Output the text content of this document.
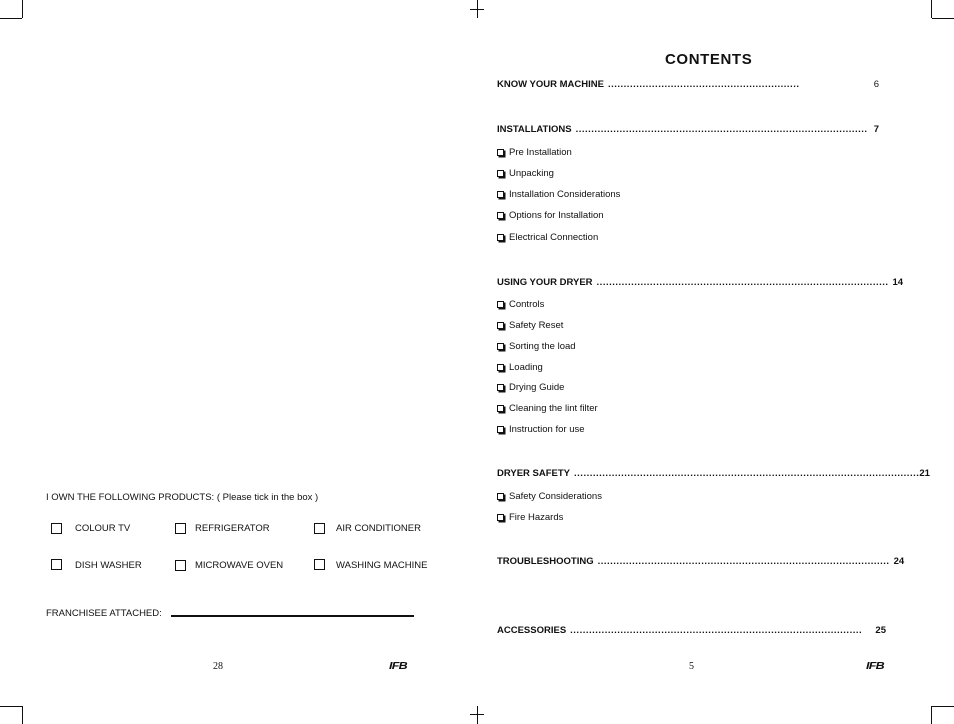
I OWN THE FOLLOWING PRODUCTS: ( Please tick in the box )
COLOUR TV	REFRIGERATOR	AIR CONDITIONER
DISH WASHER	MICROWAVE OVEN	WASHING MACHINE
FRANCHISEE ATTACHED:
28	IFB
CONTENTS
KNOW YOUR MACHINE .............................................................	6
INSTALLATIONS ............................................................................................. 7
Pre Installation
Unpacking
Installation Considerations
Options for Installation
Electrical Connection
USING YOUR DRYER ............................................................................................. 14
Controls
Safety Reset
Sorting the load
Loading
Drying Guide
Cleaning the lint filter
Instruction for use
DRYER SAFETY .............................................................................................................. 21
Safety Considerations
Fire Hazards
TROUBLESHOOTING ............................................................................................. 24
ACCESSORIES .............................................................................................	25
5	IFB
